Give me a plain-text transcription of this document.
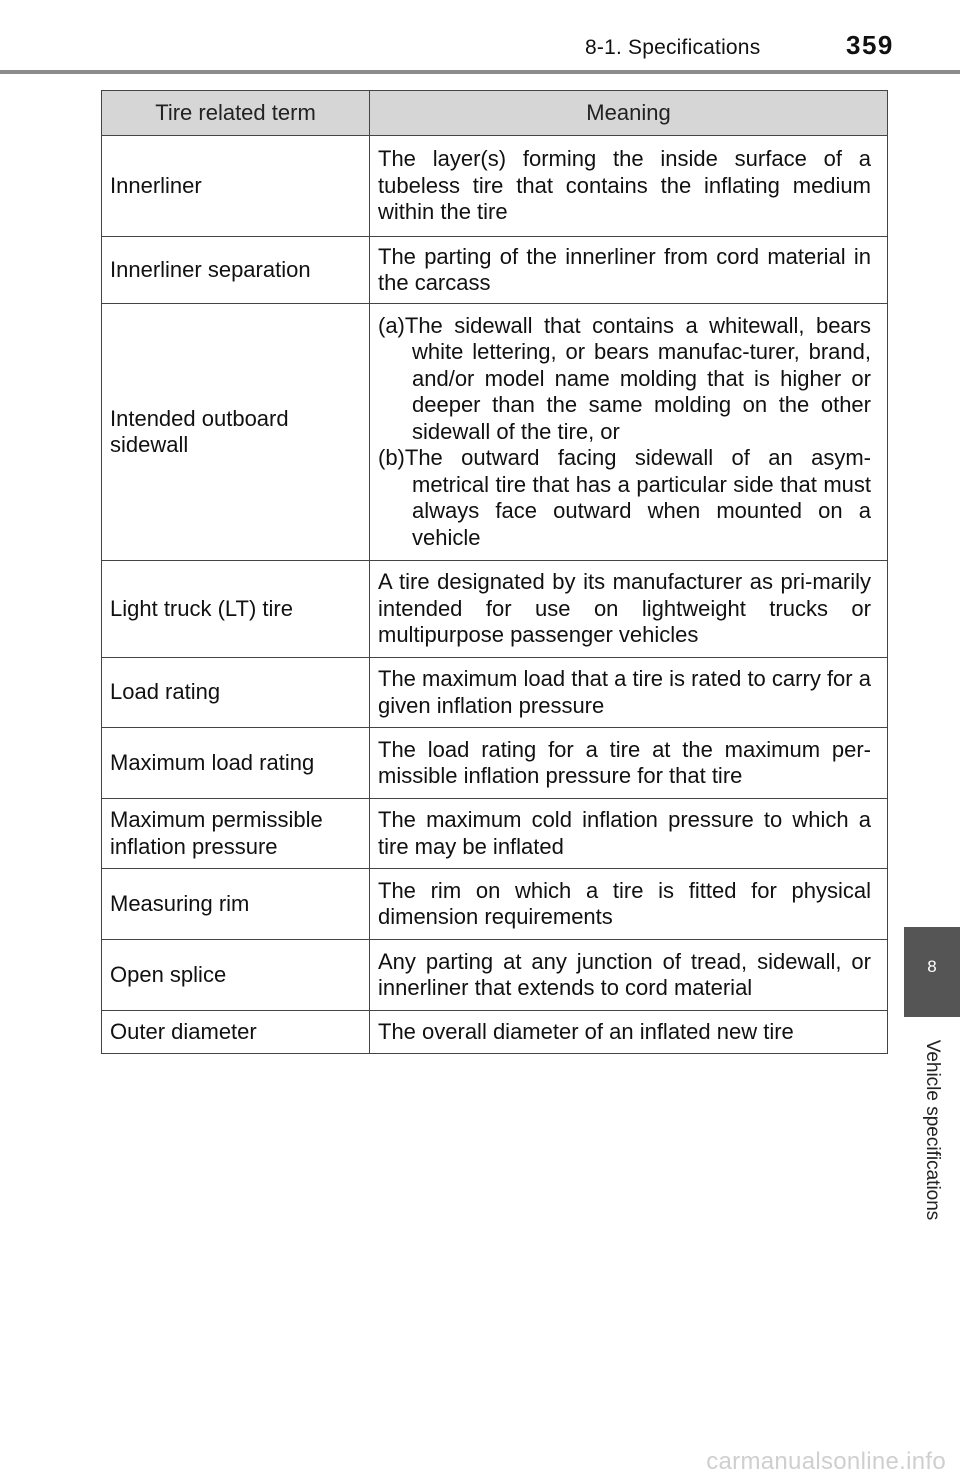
8-1. Specifications	359
Tire related term	Meaning
Innerliner	The layer(s) forming the inside surface of a tubeless tire that contains the inflating medium within the tire
Innerliner separation	The parting of the innerliner from cord material in the carcass
Intended outboard sidewall	(a)The sidewall that contains a whitewall, bears white lettering, or bears manufac-turer, brand, and/or model name molding that is higher or deeper than the same molding on the other sidewall of the tire, or
(b)The outward facing sidewall of an asym-metrical tire that has a particular side that must always face outward when mounted on a vehicle

Light truck (LT) tire	A tire designated by its manufacturer as pri-marily intended for use on lightweight trucks or multipurpose passenger vehicles
Load rating	The maximum load that a tire is rated to carry for a given inflation pressure
Maximum load rating	The load rating for a tire at the maximum per-missible inflation pressure for that tire
Maximum permissible inflation pressure	The maximum cold inflation pressure to which a tire may be inflated
Measuring rim	The rim on which a tire is fitted for physical dimension requirements
Open splice	Any parting at any junction of tread, sidewall, or innerliner that extends to cord material
Outer diameter	The overall diameter of an inflated new tire
8
Vehicle specifications
carmanualsonline.info
